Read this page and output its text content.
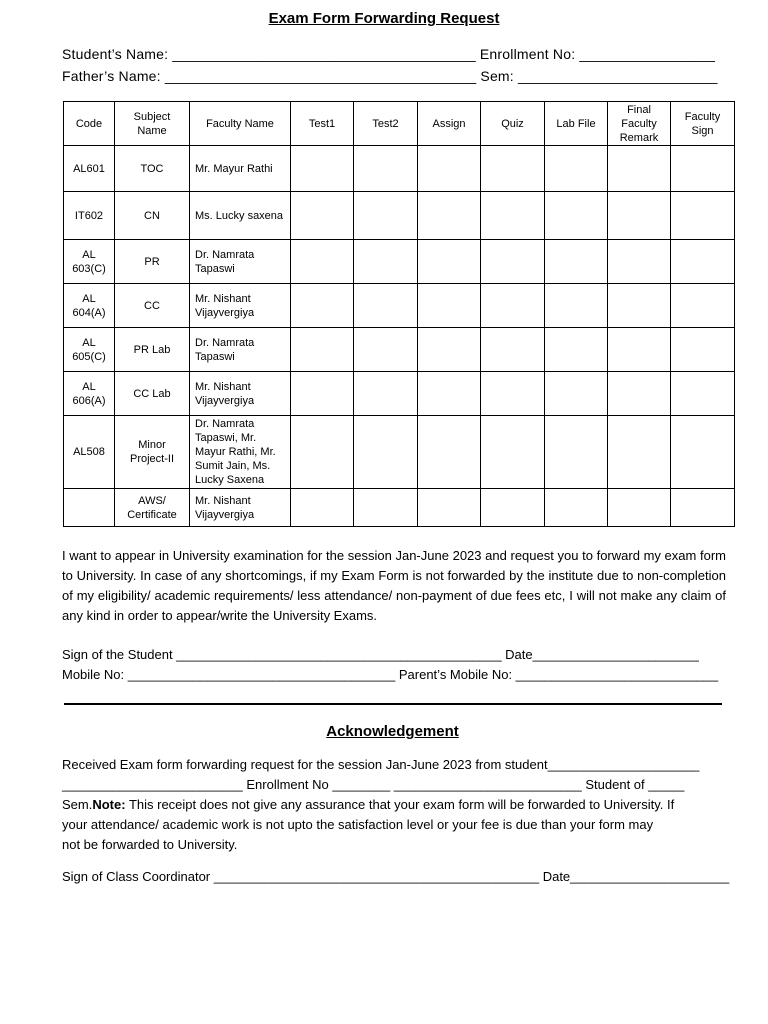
Exam Form Forwarding Request
Student’s Name: ______________________________________ Enrollment No: _________________
Father’s Name: _______________________________________ Sem: _________________________
Code	Subject Name	Faculty Name	Test1	Test2	Assign	Quiz	Lab File	Final Faculty Remark	Faculty Sign
AL601	TOC	Mr. Mayur Rathi							
IT602	CN	Ms. Lucky saxena							
AL 603(C)	PR	Dr. Namrata Tapaswi							
AL 604(A)	CC	Mr. Nishant Vijayvergiya							
AL 605(C)	PR Lab	Dr. Namrata Tapaswi							
AL 606(A)	CC Lab	Mr. Nishant Vijayvergiya							
AL508	Minor Project-II	Dr. Namrata Tapaswi, Mr. Mayur Rathi, Mr. Sumit Jain, Ms. Lucky Saxena							
	AWS/ Certificate	Mr. Nishant Vijayvergiya							

I want to appear in University examination for the session Jan-June 2023 and request you to forward my exam form to University. In case of any shortcomings, if my Exam Form is not forwarded by the institute due to non-completion of my eligibility/ academic requirements/ less attendance/ non-payment of due fees etc, I will not make any claim of any kind in order to appear/write the University Exams.

Sign of the Student _____________________________________________ Date_______________________
Mobile No: _____________________________________ Parent’s Mobile No: ____________________________
Acknowledgement
Received Exam form forwarding request for the session Jan-June 2023 from student_____________________
_________________________ Enrollment No ________ __________________________ Student of _____
Sem.Note: This receipt does not give any assurance that your exam form will be forwarded to University. If
your attendance/ academic work is not upto the satisfaction level or your fee is due than your form may
not be forwarded to University.
Sign of Class Coordinator _____________________________________________ Date______________________
